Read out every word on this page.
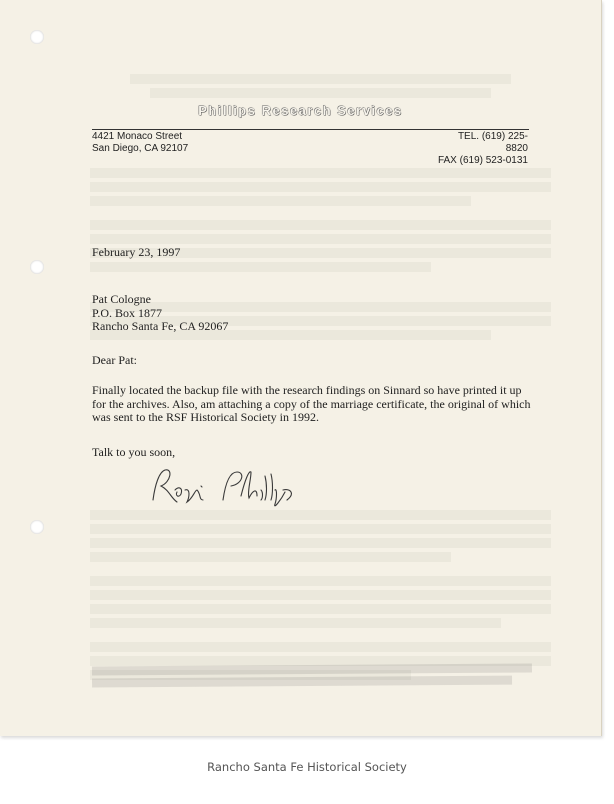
Phillips Research Services
4421 Monaco Street
San Diego, CA 92107
TEL. (619) 225-8820
FAX (619) 523-0131
February 23, 1997
Pat Cologne
P.O. Box 1877
Rancho Santa Fe, CA 92067
Dear Pat:
Finally located the backup file with the research findings on Sinnard so have printed it up
for the archives. Also, am attaching a copy of the marriage certificate, the original of which
was sent to the RSF Historical Society in 1992.
Talk to you soon,
Rancho Santa Fe Historical Society
